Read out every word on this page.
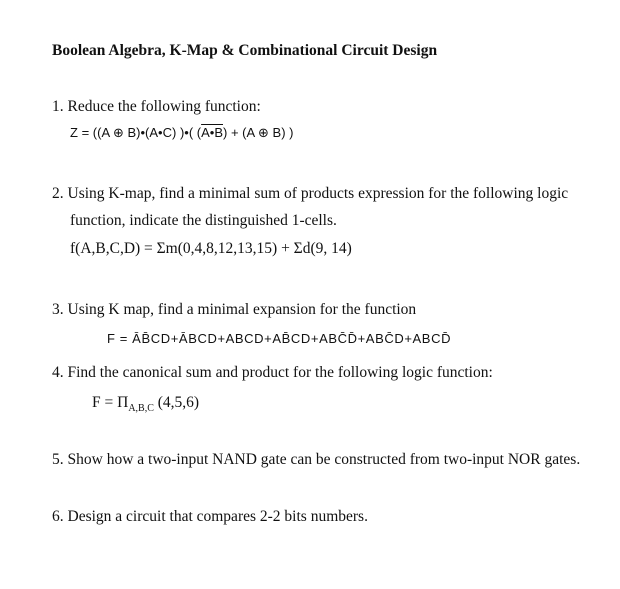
Boolean Algebra, K-Map & Combinational Circuit Design
1. Reduce the following function:
Z = ((A ⊕ B)•(A•C) )•( (A•B) + (A ⊕ B) )
2. Using K-map, find a minimal sum of products expression for the following logic
function, indicate the distinguished 1-cells.
f(A,B,C,D) = Σm(0,4,8,12,13,15) + Σd(9, 14)
3. Using K map, find a minimal expansion for the function
F = ĀB̄CD+ĀBCD+ABCD+AB̄CD+ABC̄D̄+ABC̄D+ABCD̄
4. Find the canonical sum and product for the following logic function:
$F = \Pi_{A,B,C}$ (4,5,6)
5. Show how a two-input NAND gate can be constructed from two-input NOR gates.
6. Design a circuit that compares 2-2 bits numbers.
